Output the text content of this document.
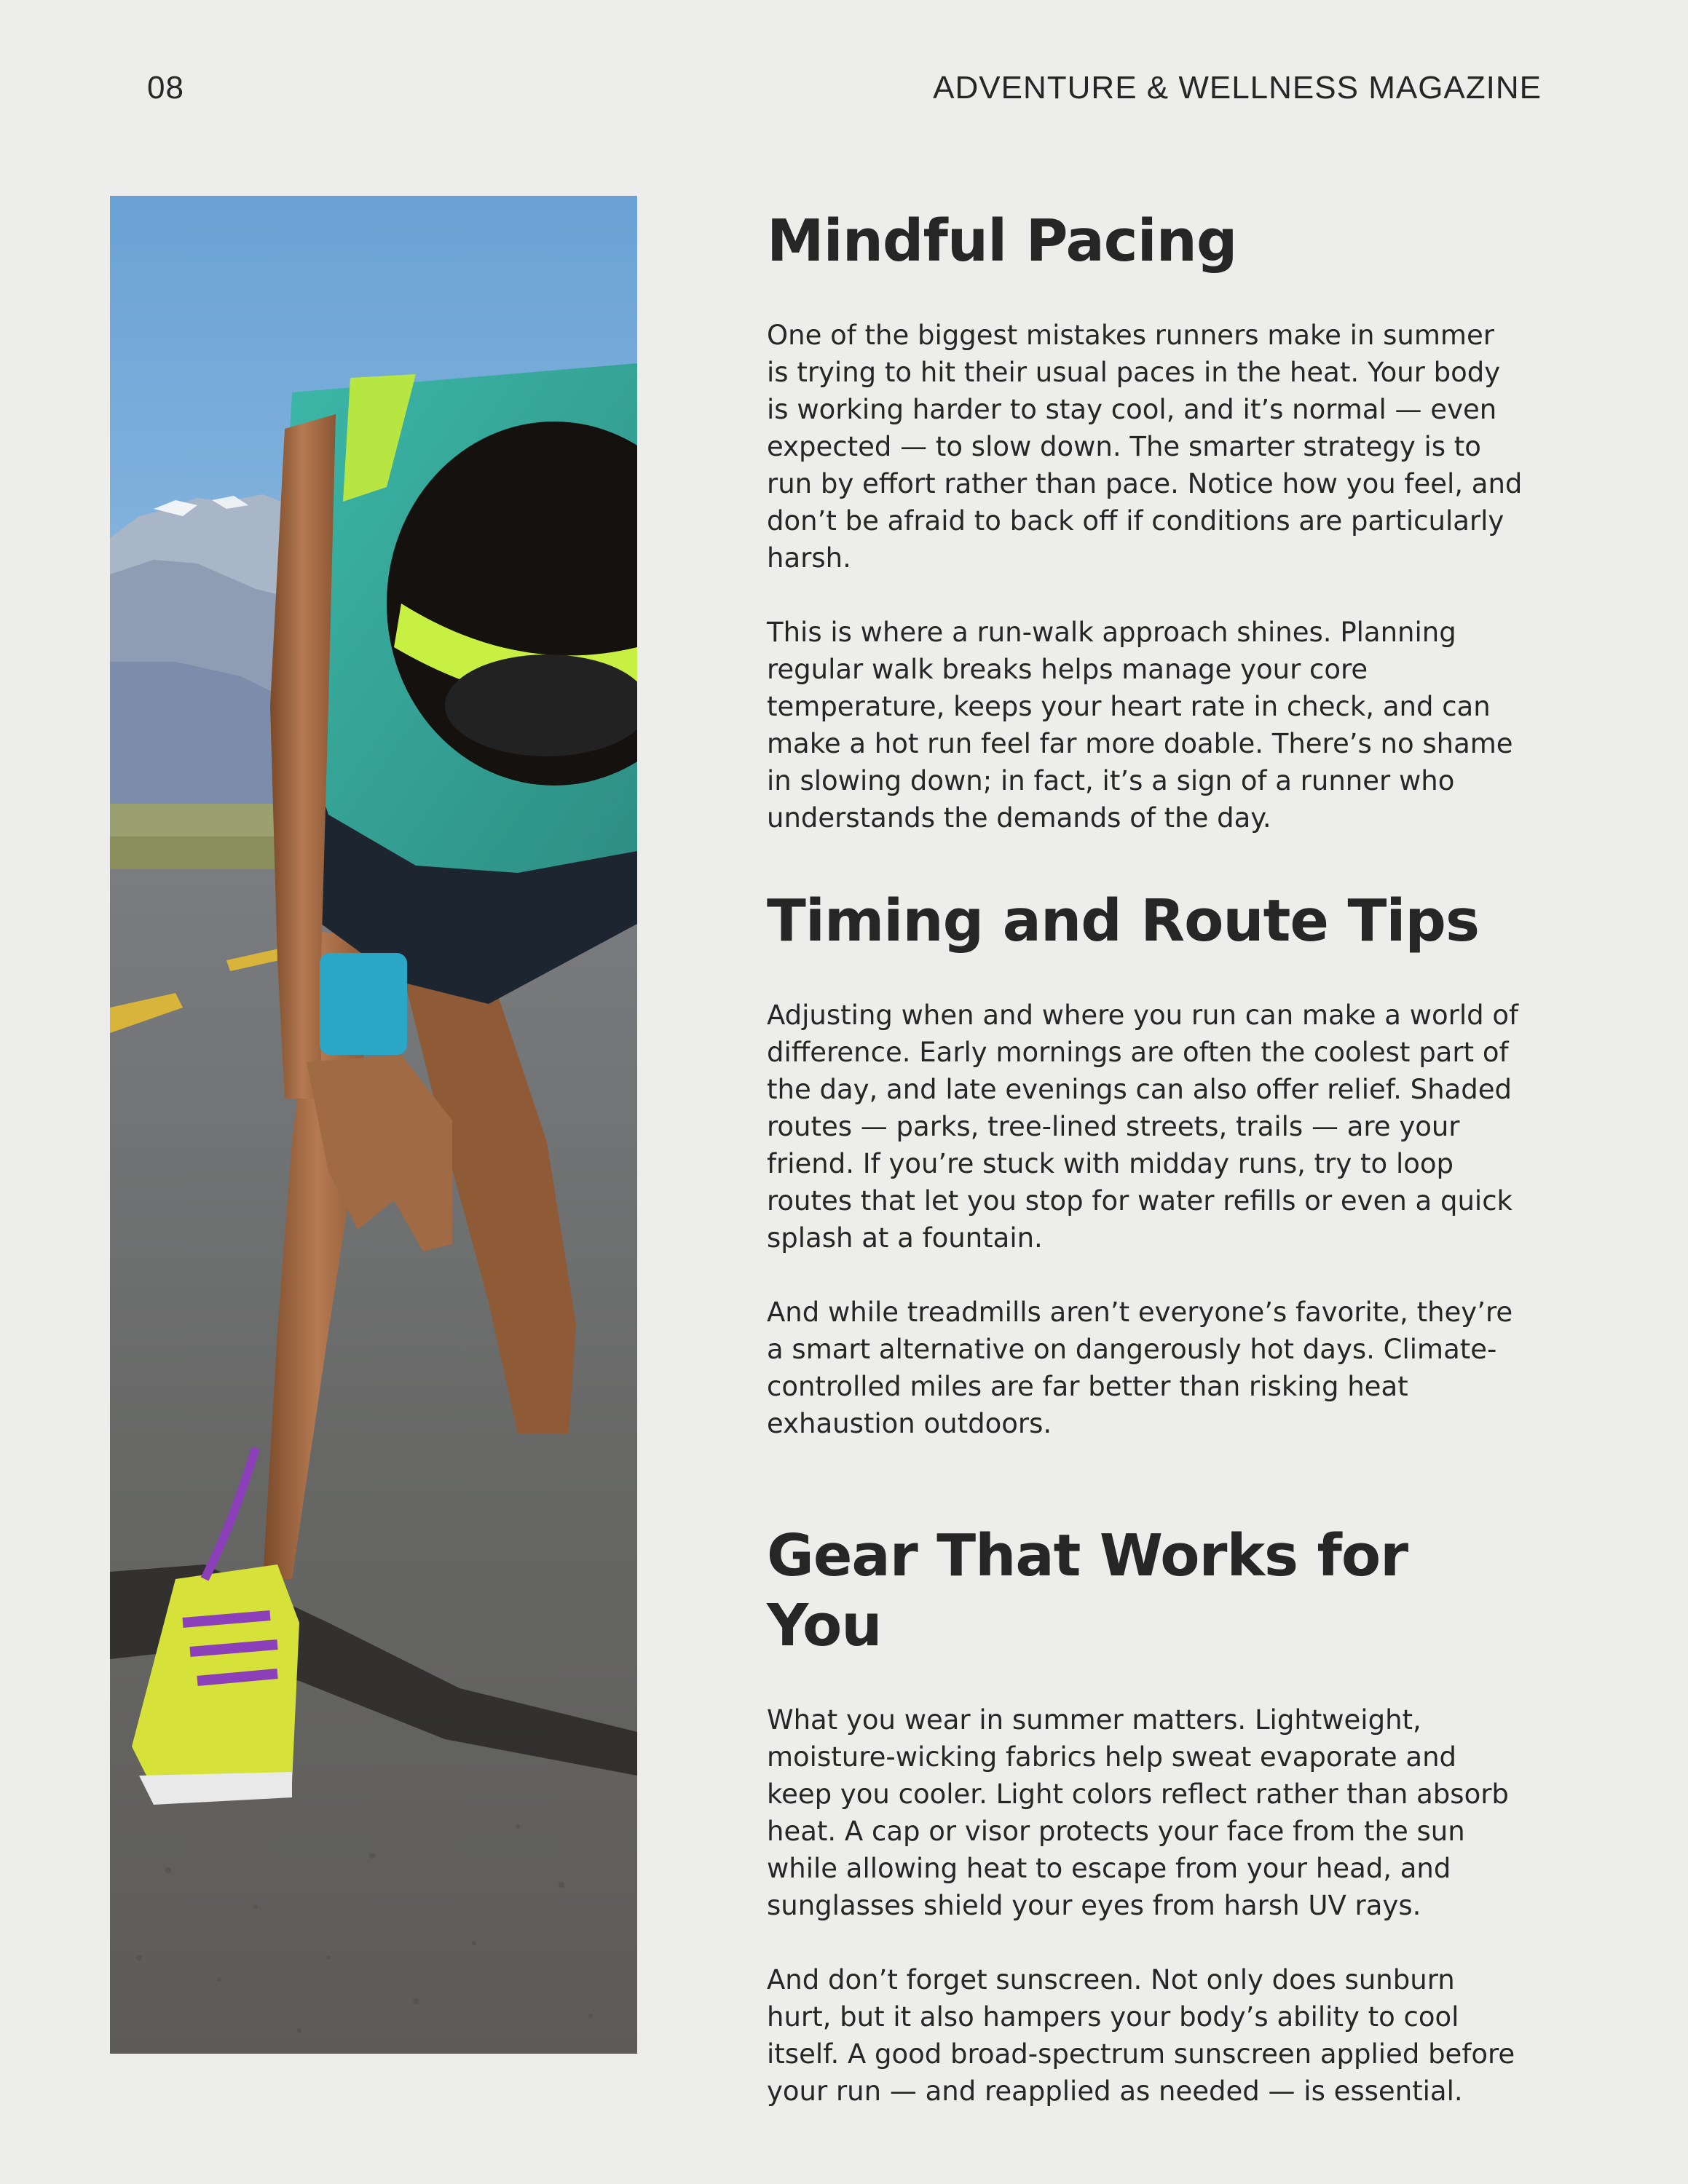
08	ADVENTURE & WELLNESS MAGAZINE
Mindful Pacing

One of the biggest mistakes runners make in summer is trying to hit their usual paces in the heat. Your body is working harder to stay cool, and it’s normal — even expected — to slow down. The smarter strategy is to run by effort rather than pace. Notice how you feel, and don’t be afraid to back off if conditions are particularly harsh.

This is where a run-walk approach shines. Planning regular walk breaks helps manage your core temperature, keeps your heart rate in check, and can make a hot run feel far more doable. There’s no shame in slowing down; in fact, it’s a sign of a runner who understands the demands of the day.

Timing and Route Tips

Adjusting when and where you run can make a world of difference. Early mornings are often the coolest part of the day, and late evenings can also offer relief. Shaded routes — parks, tree-lined streets, trails — are your friend. If you’re stuck with midday runs, try to loop routes that let you stop for water refills or even a quick splash at a fountain.

And while treadmills aren’t everyone’s favorite, they’re a smart alternative on dangerously hot days. Climate-controlled miles are far better than risking heat exhaustion outdoors.

Gear That Works for You

What you wear in summer matters. Lightweight, moisture-wicking fabrics help sweat evaporate and keep you cooler. Light colors reflect rather than absorb heat. A cap or visor protects your face from the sun while allowing heat to escape from your head, and sunglasses shield your eyes from harsh UV rays.

And don’t forget sunscreen. Not only does sunburn hurt, but it also hampers your body’s ability to cool itself. A good broad-spectrum sunscreen applied before your run — and reapplied as needed — is essential.
